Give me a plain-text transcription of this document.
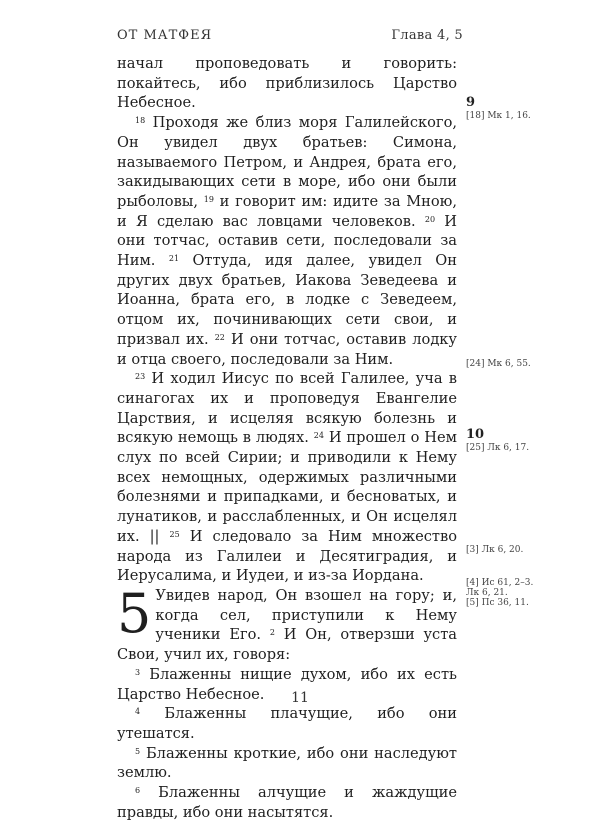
ОТ МАТФЕЯ	Глава 4, 5

начал проповедовать и говорить: покайтесь, ибо приблизилось Царство Небесное.

$^{18}$ Проходя же близ моря Галилейского, Он увидел двух братьев: Симона, называемого Петром, и Андрея, брата его, закидывающих сети в море, ибо они были рыболовы, $^{19}$ и говорит им: идите за Мною, и Я сделаю вас ловцами человеков. $^{20}$ И они тотчас, оставив сети, последовали за Ним. $^{21}$ Оттуда, идя далее, увидел Он других двух братьев, Иакова Зеведеева и Иоанна, брата его, в лодке с Зеведеем, отцом их, починивающих сети свои, и призвал их. $^{22}$ И они тотчас, оставив лодку и отца своего, последовали за Ним.

$^{23}$ И ходил Иисус по всей Галилее, уча в синагогах их и проповедуя Евангелие Царствия, и исцеляя всякую болезнь и всякую немощь в людях. $^{24}$ И прошел о Нем слух по всей Сирии; и приводили к Нему всех немощных, одержимых различными болезнями и припадками, и бесноватых, и лунатиков, и расслабленных, и Он исцелял их. || $^{25}$ И следовало за Ним множество народа из Галилеи и Десятиградия, и Иерусалима, и Иудеи, и из-за Иордана.

5 Увидев народ, Он взошел на гору; и, когда сел, приступили к Нему ученики Его. $^2$ И Он, отверзши уста Свои, учил их, говоря:

$^3$ Блаженны нищие духом, ибо их есть Царство Небесное.

$^4$ Блаженны плачущие, ибо они утешатся.

$^5$ Блаженны кроткие, ибо они наследуют землю.

$^6$ Блаженны алчущие и жаждущие правды, ибо они насытятся.

9
[18] Мк 1, 16.
[24] Мк 6, 55.
10
[25] Лк 6, 17.
[3] Лк 6, 20.
[4] Ис 61, 2–3.
Лк 6, 21.
[5] Пс 36, 11.
11
